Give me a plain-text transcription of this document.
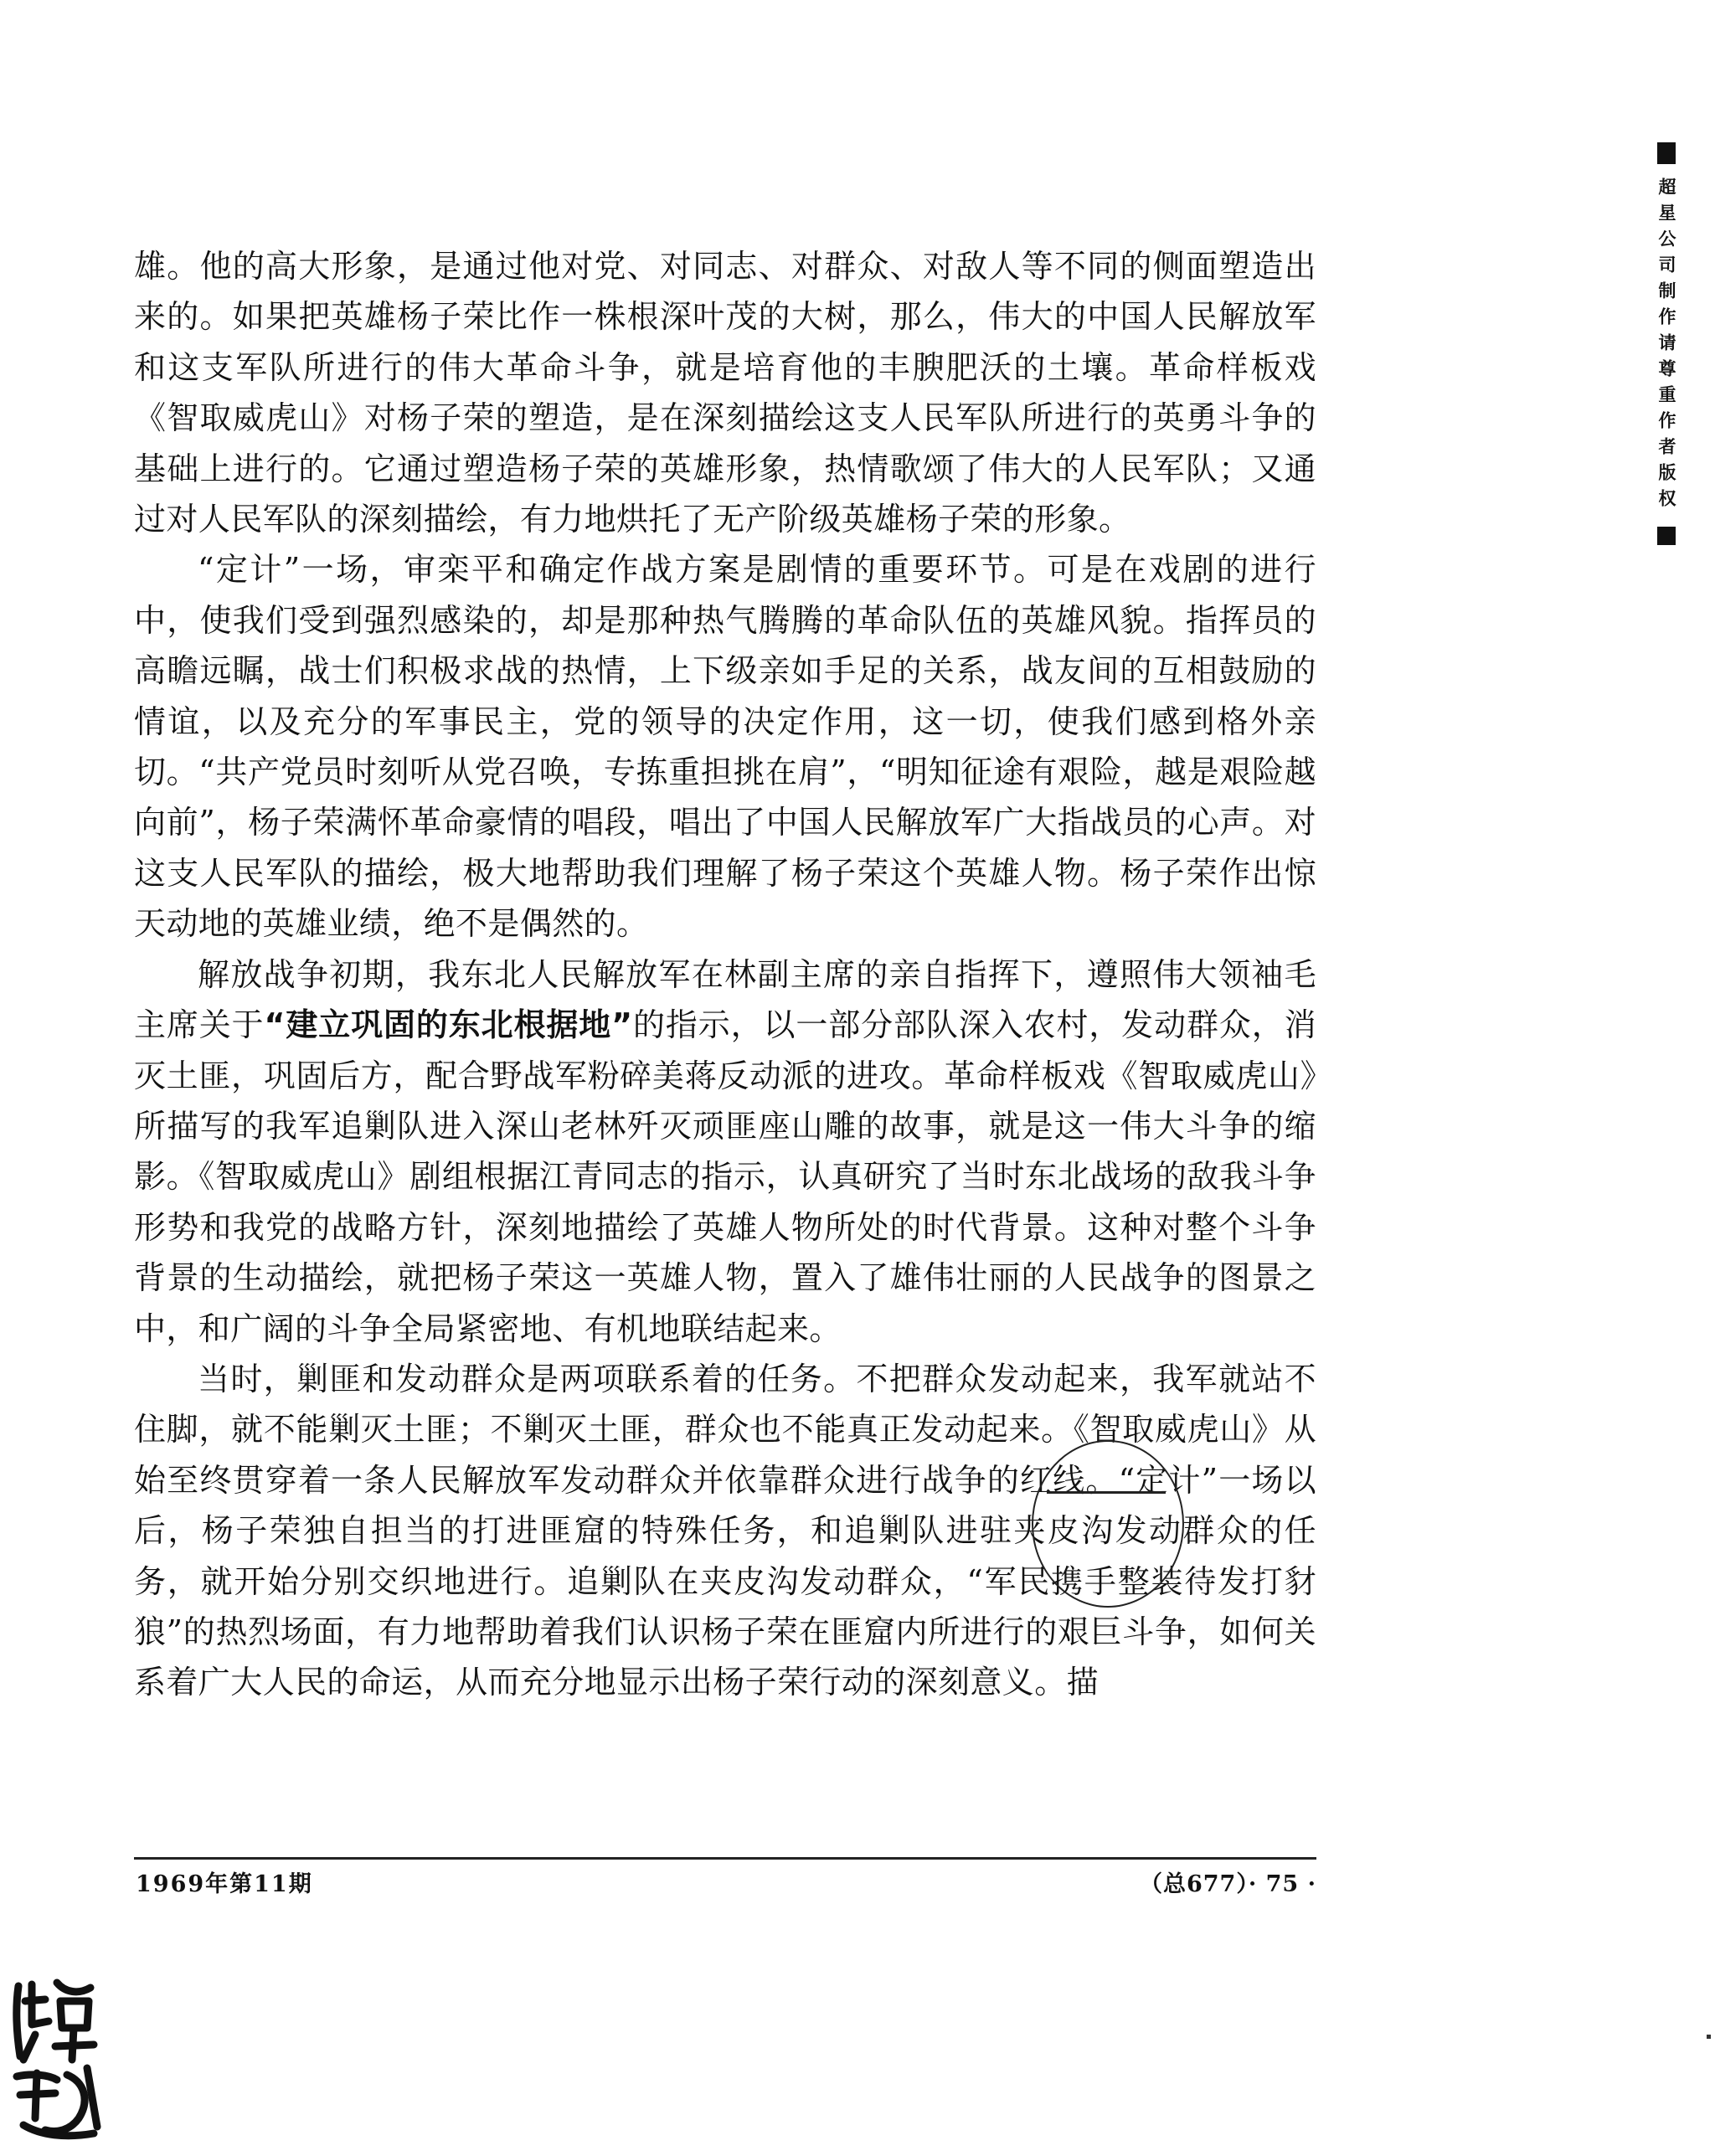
雄。他的高大形象，是通过他对党、对同志、对群众、对敌人等不同的侧面塑造出来的。如果把英雄杨子荣比作一株根深叶茂的大树，那么，伟大的中国人民解放军和这支军队所进行的伟大革命斗争，就是培育他的丰腴肥沃的土壤。革命样板戏《智取威虎山》对杨子荣的塑造，是在深刻描绘这支人民军队所进行的英勇斗争的基础上进行的。它通过塑造杨子荣的英雄形象，热情歌颂了伟大的人民军队；又通过对人民军队的深刻描绘，有力地烘托了无产阶级英雄杨子荣的形象。

“定计”一场，审栾平和确定作战方案是剧情的重要环节。可是在戏剧的进行中，使我们受到强烈感染的，却是那种热气腾腾的革命队伍的英雄风貌。指挥员的高瞻远瞩，战士们积极求战的热情，上下级亲如手足的关系，战友间的互相鼓励的情谊，以及充分的军事民主，党的领导的决定作用，这一切，使我们感到格外亲切。“共产党员时刻听从党召唤，专拣重担挑在肩”，“明知征途有艰险，越是艰险越向前”，杨子荣满怀革命豪情的唱段，唱出了中国人民解放军广大指战员的心声。对这支人民军队的描绘，极大地帮助我们理解了杨子荣这个英雄人物。杨子荣作出惊天动地的英雄业绩，绝不是偶然的。

解放战争初期，我东北人民解放军在林副主席的亲自指挥下，遵照伟大领袖毛主席关于“建立巩固的东北根据地”的指示，以一部分部队深入农村，发动群众，消灭土匪，巩固后方，配合野战军粉碎美蒋反动派的进攻。革命样板戏《智取威虎山》所描写的我军追剿队进入深山老林歼灭顽匪座山雕的故事，就是这一伟大斗争的缩影。《智取威虎山》剧组根据江青同志的指示，认真研究了当时东北战场的敌我斗争形势和我党的战略方针，深刻地描绘了英雄人物所处的时代背景。这种对整个斗争背景的生动描绘，就把杨子荣这一英雄人物，置入了雄伟壮丽的人民战争的图景之中，和广阔的斗争全局紧密地、有机地联结起来。

当时，剿匪和发动群众是两项联系着的任务。不把群众发动起来，我军就站不住脚，就不能剿灭土匪；不剿灭土匪，群众也不能真正发动起来。《智取威虎山》从始至终贯穿着一条人民解放军发动群众并依靠群众进行战争的红线。“定计”一场以后，杨子荣独自担当的打进匪窟的特殊任务，和追剿队进驻夹皮沟发动群众的任务，就开始分别交织地进行。追剿队在夹皮沟发动群众，“军民携手整装待发打豺狼”的热烈场面，有力地帮助着我们认识杨子荣在匪窟内所进行的艰巨斗争，如何关系着广大人民的命运，从而充分地显示出杨子荣行动的深刻意义。描

1969年第11期	（总677）· 75 ·
超星公司制作请尊重作者版权
